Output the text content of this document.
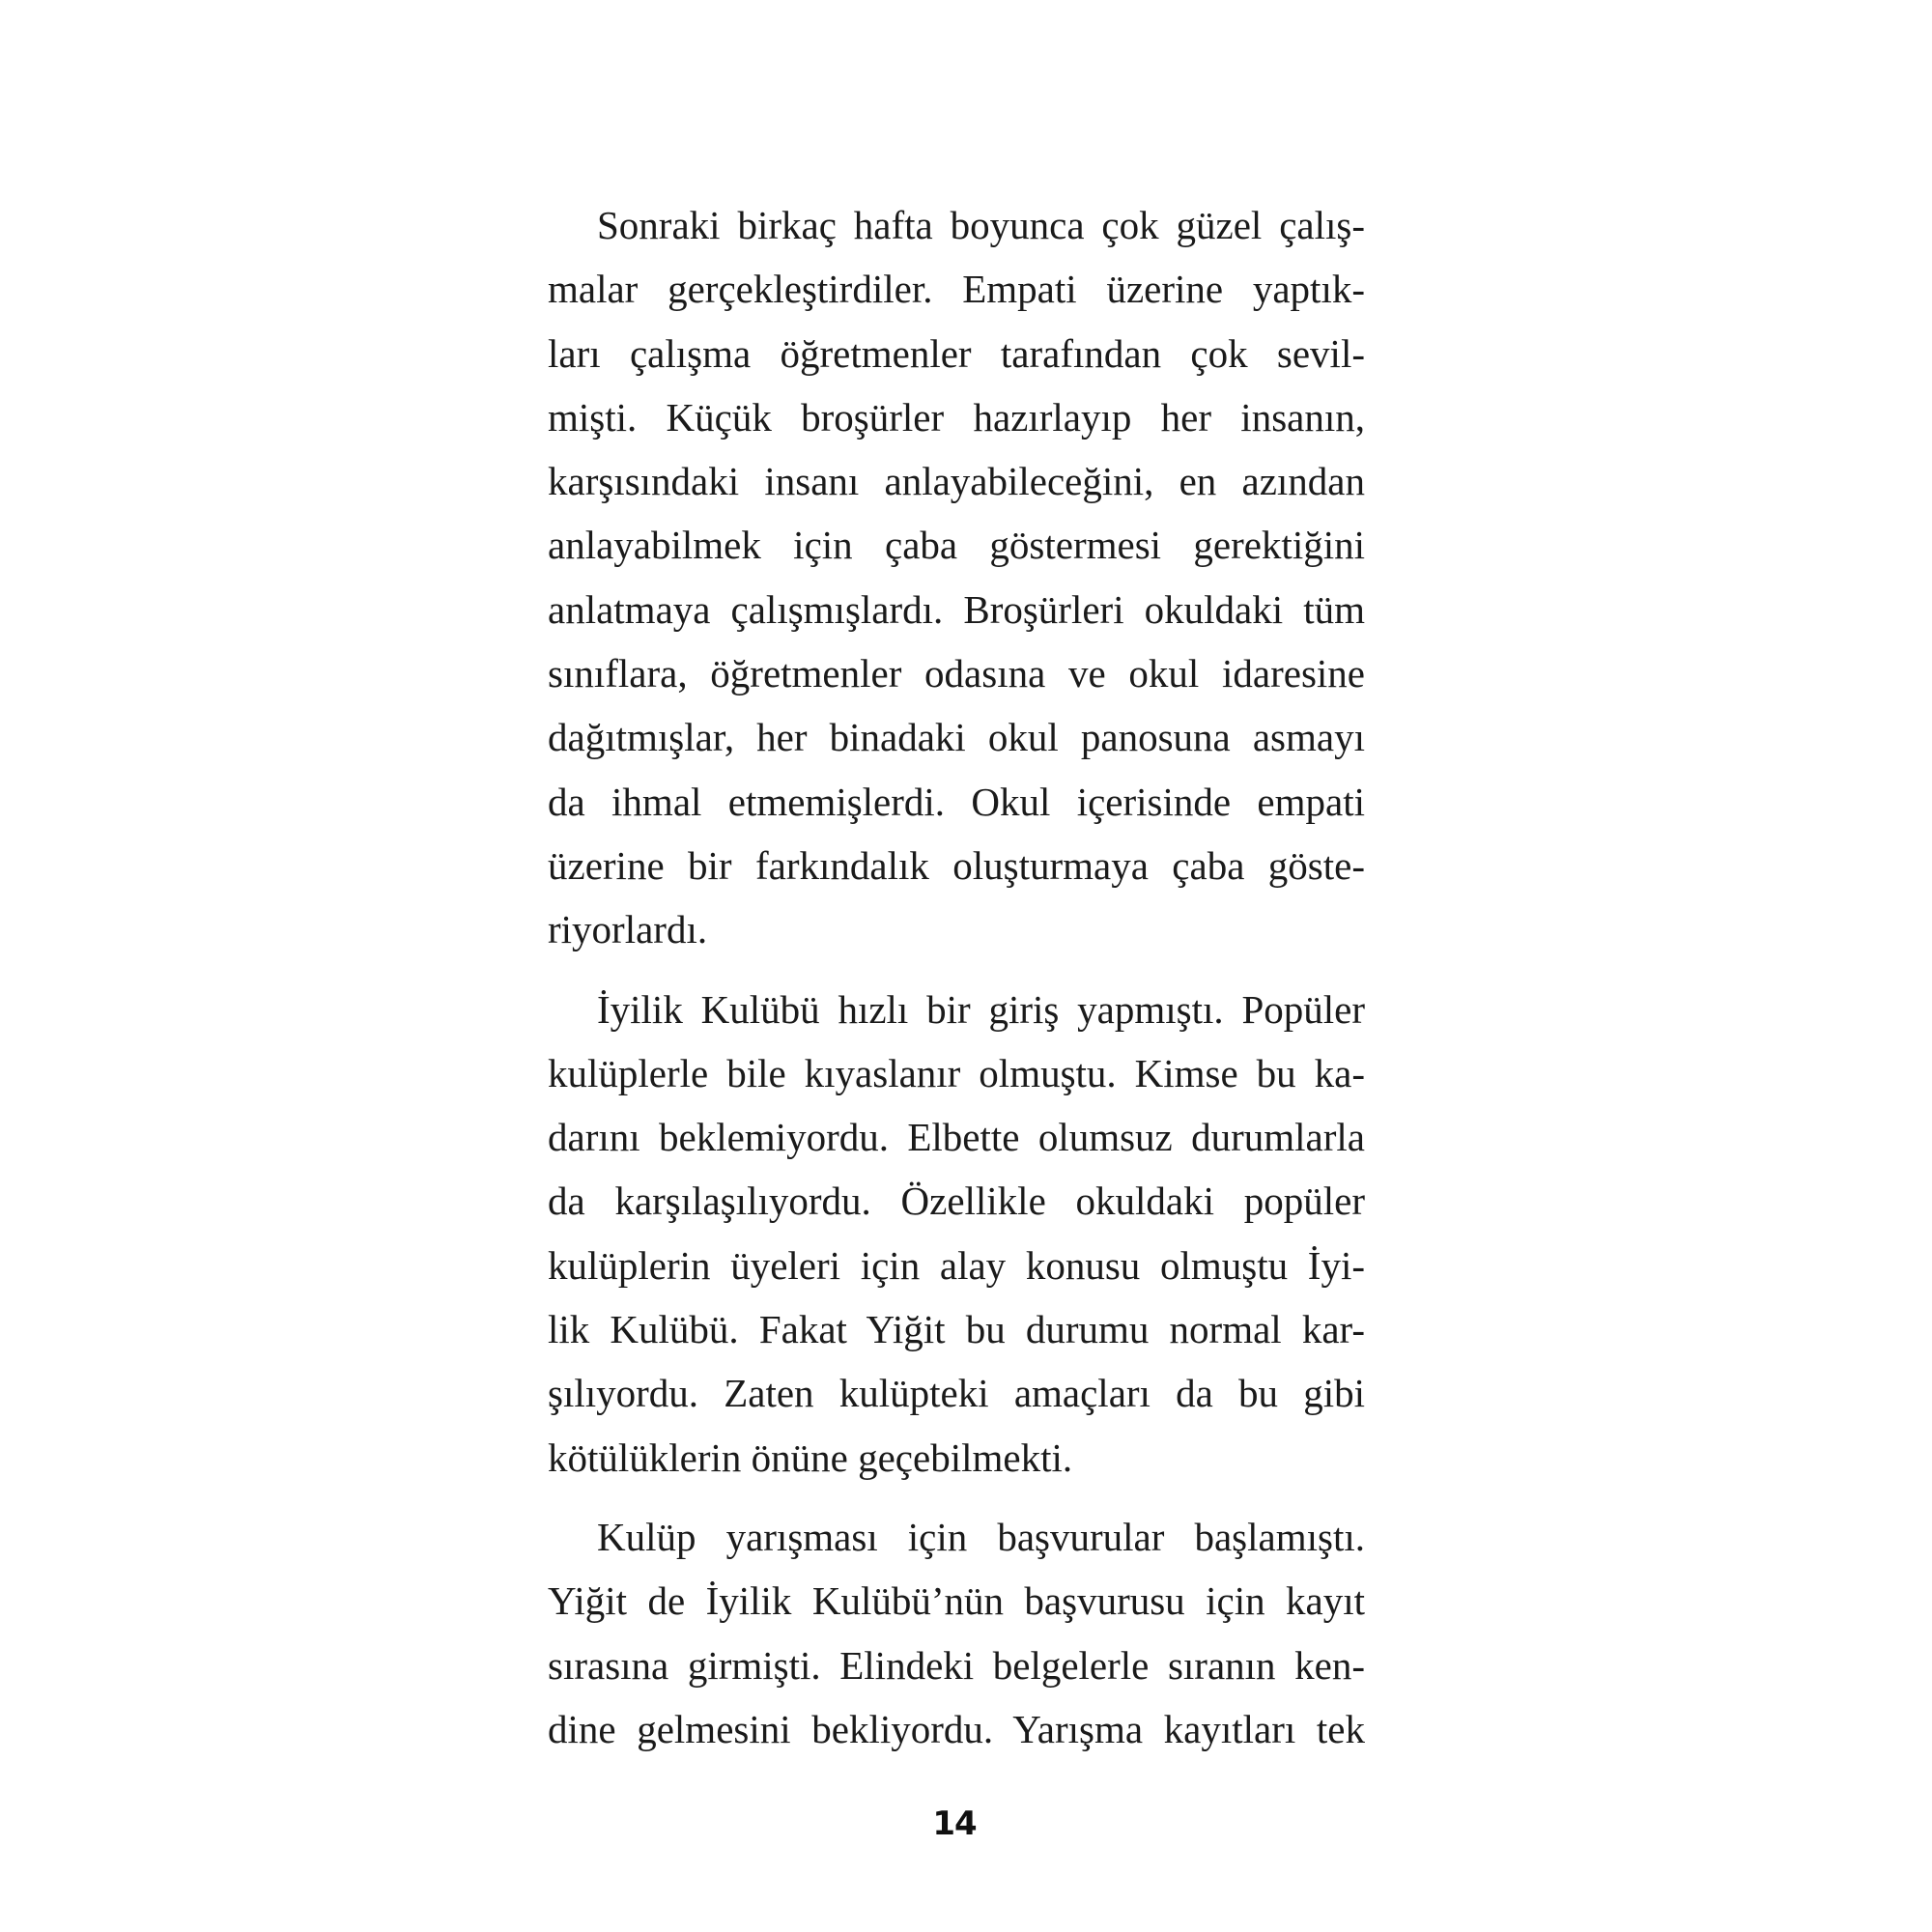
Sonraki birkaç hafta boyunca çok güzel çalış-
malar gerçekleştirdiler. Empati üzerine yaptık-
ları çalışma öğretmenler tarafından çok sevil-
mişti. Küçük broşürler hazırlayıp her insanın,
karşısındaki insanı anlayabileceğini, en azından
anlayabilmek için çaba göstermesi gerektiğini
anlatmaya çalışmışlardı. Broşürleri okuldaki tüm
sınıflara, öğretmenler odasına ve okul idaresine
dağıtmışlar, her binadaki okul panosuna asmayı
da ihmal etmemişlerdi. Okul içerisinde empati
üzerine bir farkındalık oluşturmaya çaba göste-
riyorlardı.
İyilik Kulübü hızlı bir giriş yapmıştı. Popüler
kulüplerle bile kıyaslanır olmuştu. Kimse bu ka-
darını beklemiyordu. Elbette olumsuz durumlarla
da karşılaşılıyordu. Özellikle okuldaki popüler
kulüplerin üyeleri için alay konusu olmuştu İyi-
lik Kulübü. Fakat Yiğit bu durumu normal kar-
şılıyordu. Zaten kulüpteki amaçları da bu gibi
kötülüklerin önüne geçebilmekti.
Kulüp yarışması için başvurular başlamıştı.
Yiğit de İyilik Kulübü’nün başvurusu için kayıt
sırasına girmişti. Elindeki belgelerle sıranın ken-
dine gelmesini bekliyordu. Yarışma kayıtları tek
14
